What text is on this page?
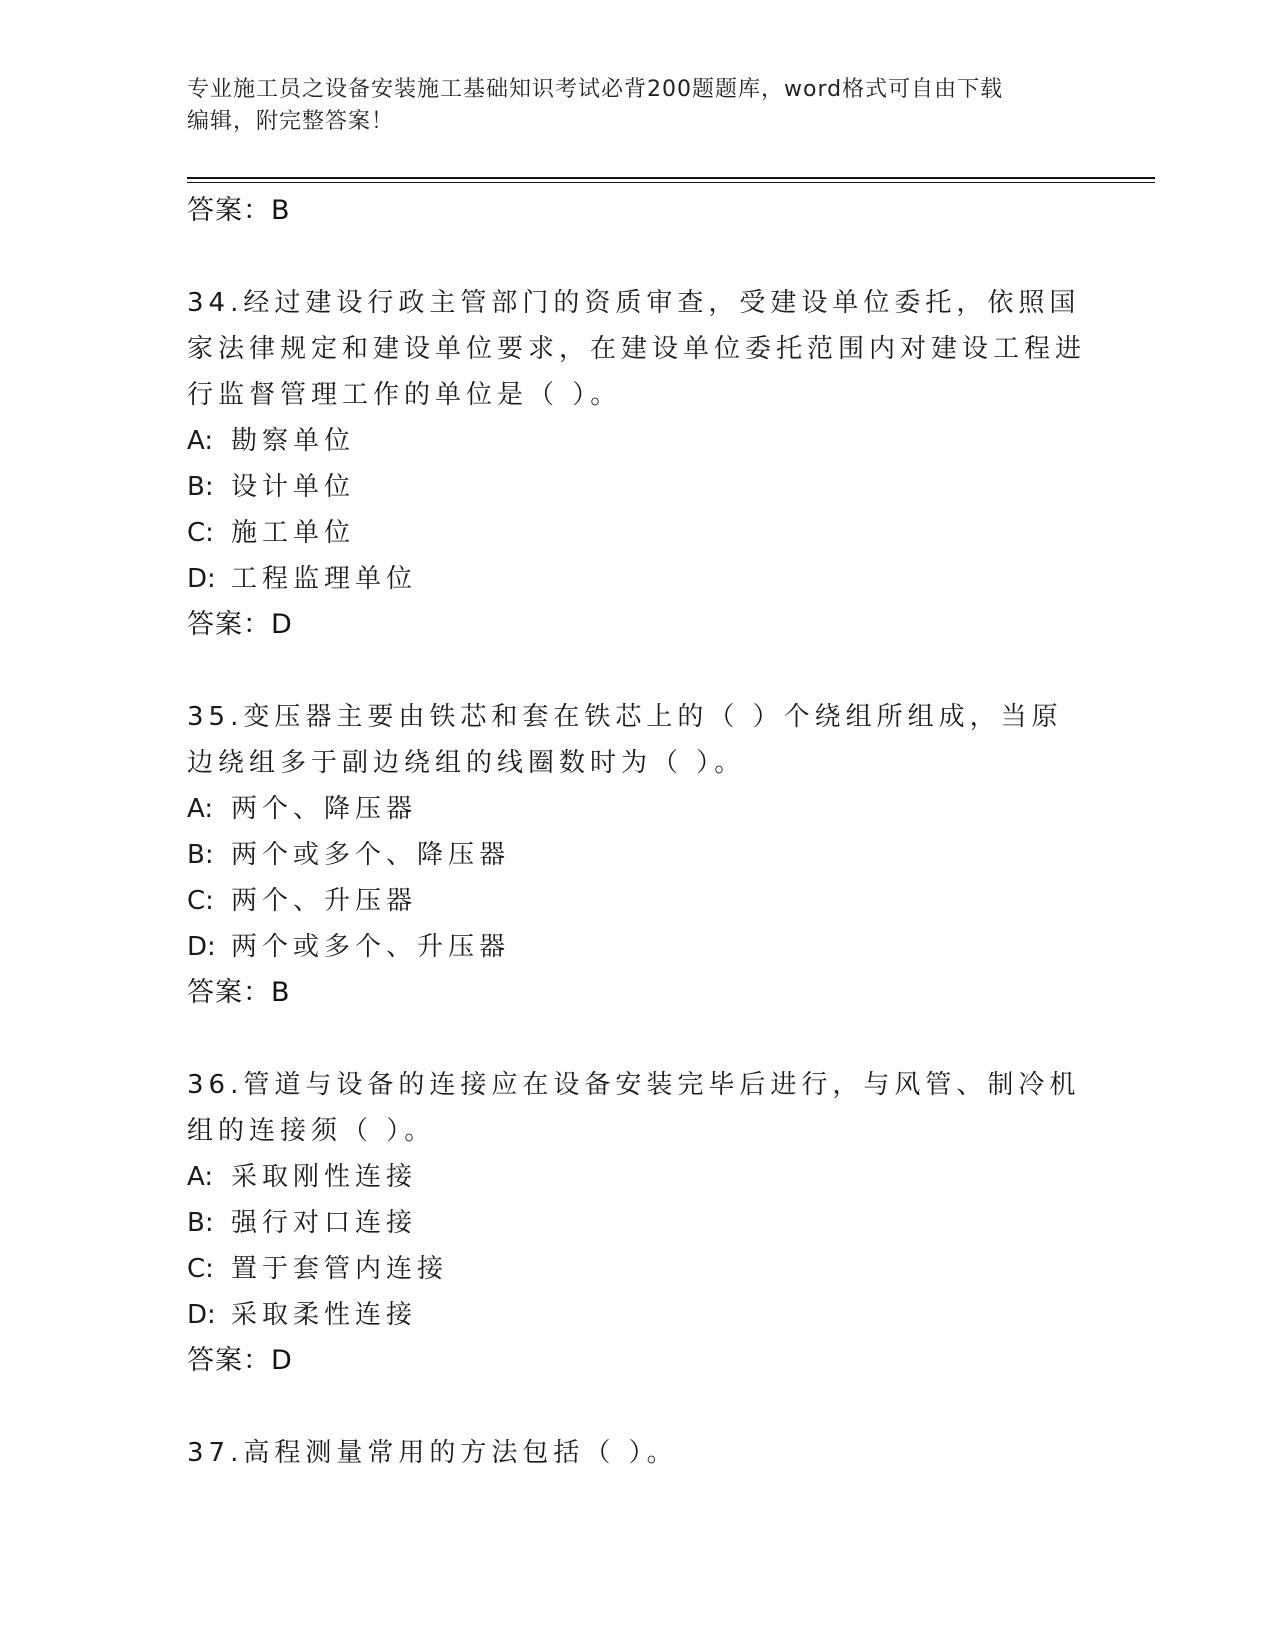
专业施工员之设备安装施工基础知识考试必背200题题库，word格式可自由下载
编辑，附完整答案！
答案：B
34.经过建设行政主管部门的资质审查，受建设单位委托，依照国家法律规定和建设单位要求，在建设单位委托范围内对建设工程进行监督管理工作的单位是（ ）。
A: 勘察单位
B: 设计单位
C: 施工单位
D: 工程监理单位
答案：D
35.变压器主要由铁芯和套在铁芯上的（ ）个绕组所组成，当原边绕组多于副边绕组的线圈数时为（ ）。
A: 两个、降压器
B: 两个或多个、降压器
C: 两个、升压器
D: 两个或多个、升压器
答案：B
36.管道与设备的连接应在设备安装完毕后进行，与风管、制冷机组的连接须（ ）。
A: 采取刚性连接
B: 强行对口连接
C: 置于套管内连接
D: 采取柔性连接
答案：D
37.高程测量常用的方法包括（ ）。
